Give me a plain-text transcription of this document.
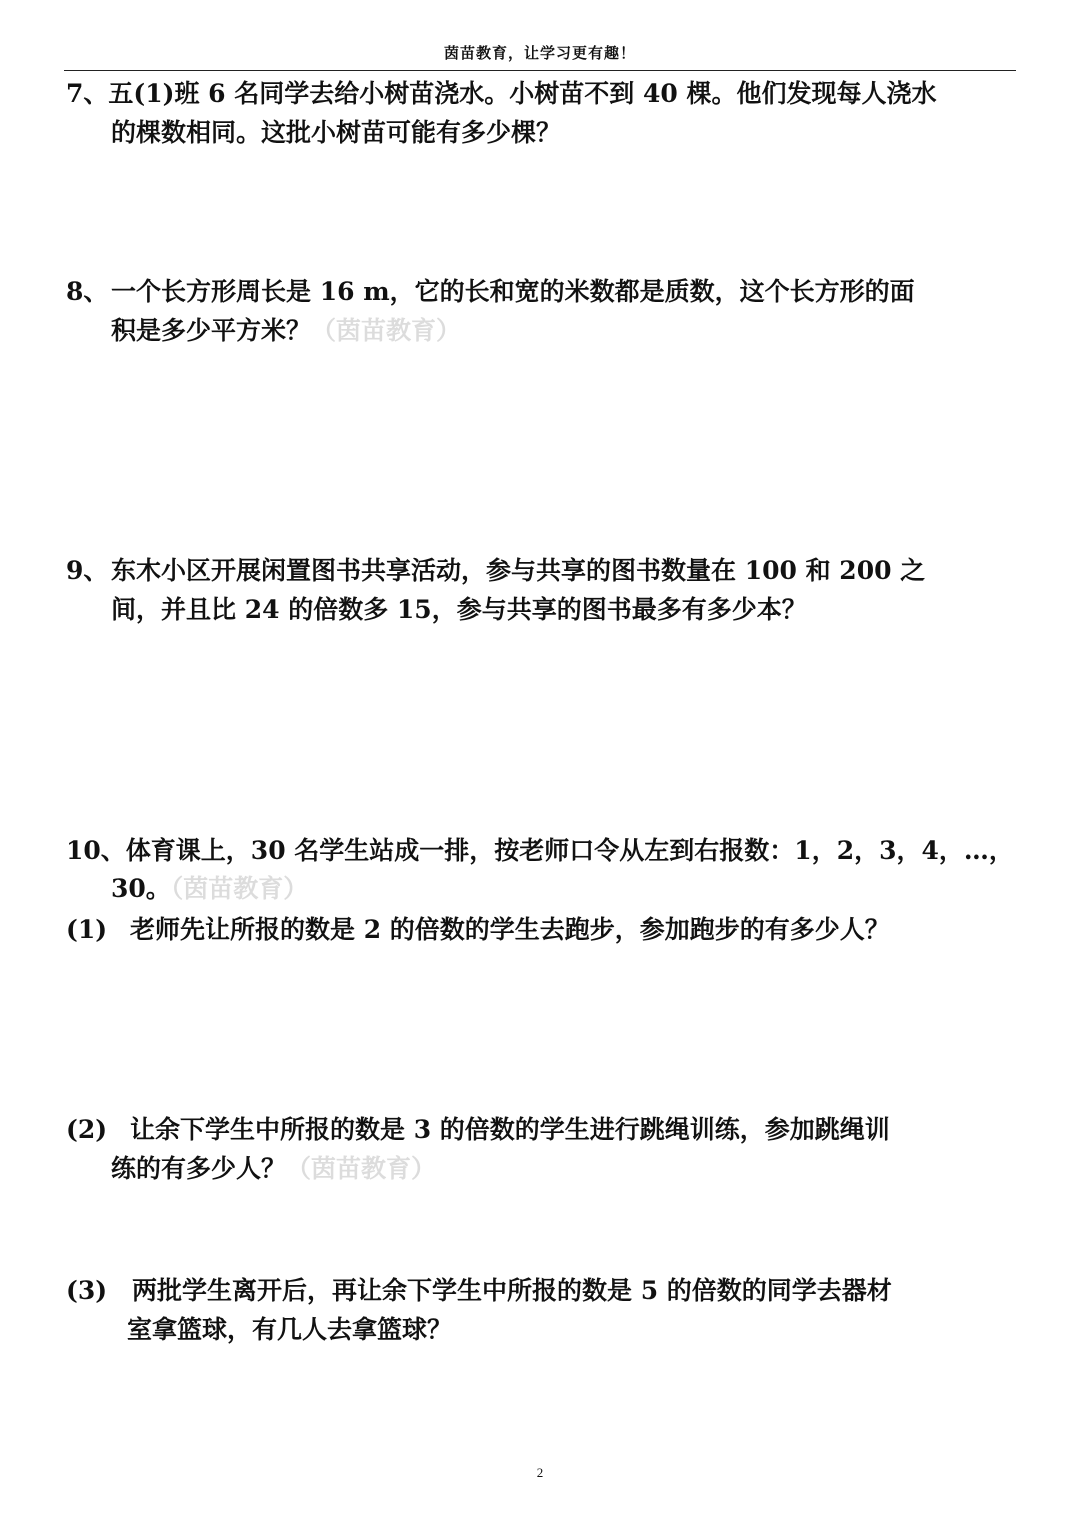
茵苗教育，让学习更有趣！
7、五(1)班 6 名同学去给小树苗浇水。小树苗不到 40 棵。他们发现每人浇水
的棵数相同。这批小树苗可能有多少棵？
8、 一个长方形周长是 16 m，它的长和宽的米数都是质数，这个长方形的面
积是多少平方米？（茵苗教育）
9、 东木小区开展闲置图书共享活动，参与共享的图书数量在 100 和 200 之
间，并且比 24 的倍数多 15，参与共享的图书最多有多少本？
10、体育课上，30 名学生站成一排，按老师口令从左到右报数：1，2，3，4，…，
30。（茵苗教育）
(1) 老师先让所报的数是 2 的倍数的学生去跑步，参加跑步的有多少人？
(2) 让余下学生中所报的数是 3 的倍数的学生进行跳绳训练，参加跳绳训
练的有多少人？（茵苗教育）
(3) 两批学生离开后，再让余下学生中所报的数是 5 的倍数的同学去器材
室拿篮球，有几人去拿篮球？
2
